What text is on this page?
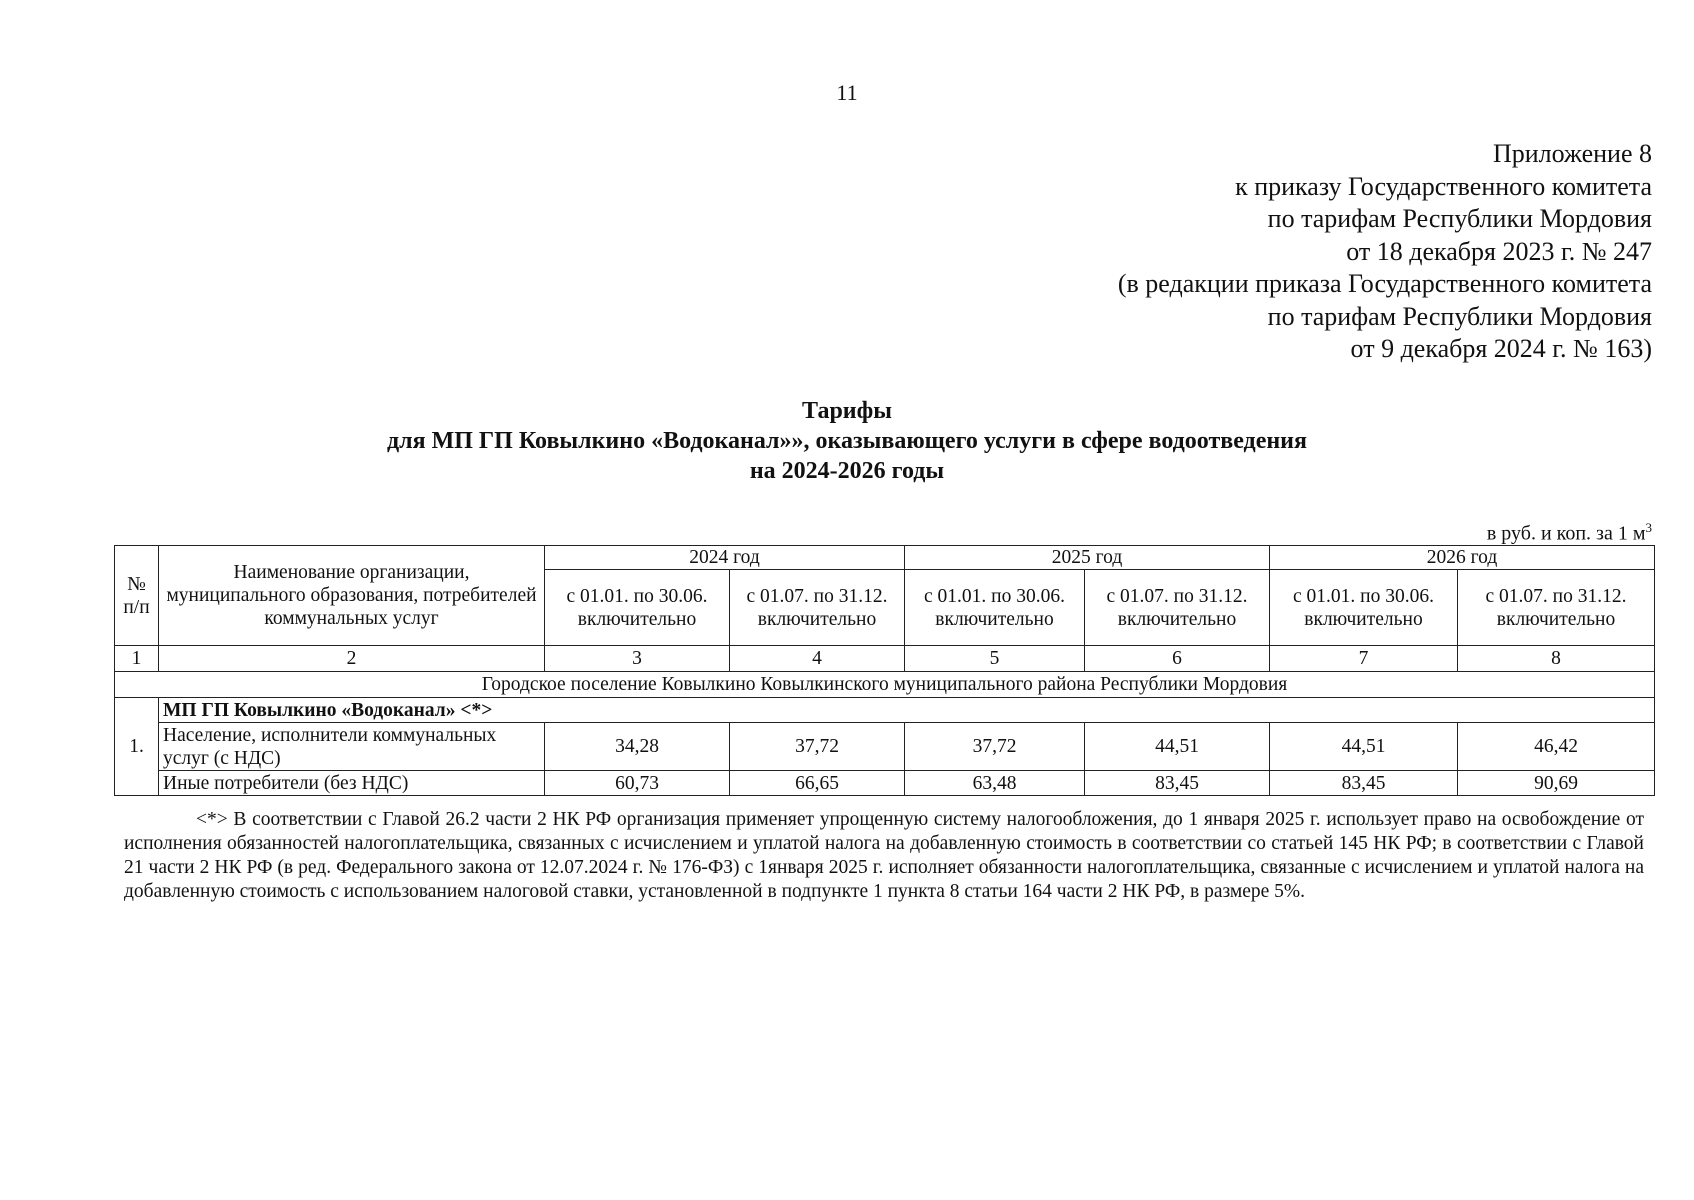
11
Приложение 8
к приказу Государственного комитета
по тарифам Республики Мордовия
от 18 декабря 2023 г. № 247
(в редакции приказа Государственного комитета
по тарифам Республики Мордовия
от 9 декабря 2024 г. № 163)
Тарифы
для МП ГП Ковылкино «Водоканал»», оказывающего услуги в сфере водоотведения
на 2024-2026 годы
в руб. и коп. за 1 $м^3$
№ п/п	Наименование организации, муниципального образования, потребителей коммунальных услуг	2024 год		2025 год		2026 год	
		с 01.01. по 30.06. включительно	с 01.07. по 31.12. включительно	с 01.01. по 30.06. включительно	с 01.07. по 31.12. включительно	с 01.01. по 30.06. включительно	с 01.07. по 31.12. включительно
1	2	3	4	5	6	7	8
Городское поселение Ковылкино Ковылкинского муниципального района Республики Мордовия							
1.	МП ГП Ковылкино «Водоканал» <*>						
	Население, исполнители коммунальных услуг (с НДС)	34,28	37,72	37,72	44,51	44,51	46,42
	Иные потребители (без НДС)	60,73	66,65	63,48	83,45	83,45	90,69

<*> В соответствии с Главой 26.2 части 2 НК РФ организация применяет упрощенную систему налогообложения, до 1 января 2025 г. использует право на освобождение от исполнения обязанностей налогоплательщика, связанных с исчислением и уплатой налога на добавленную стоимость в соответствии со статьей 145 НК РФ; в соответствии с Главой 21 части 2 НК РФ (в ред. Федерального закона от 12.07.2024 г. № 176-ФЗ) с 1января 2025 г. исполняет обязанности налогоплательщика, связанные с исчислением и уплатой налога на добавленную стоимость с использованием налоговой ставки, установленной в подпункте 1 пункта 8 статьи 164 части 2 НК РФ, в размере 5%.
